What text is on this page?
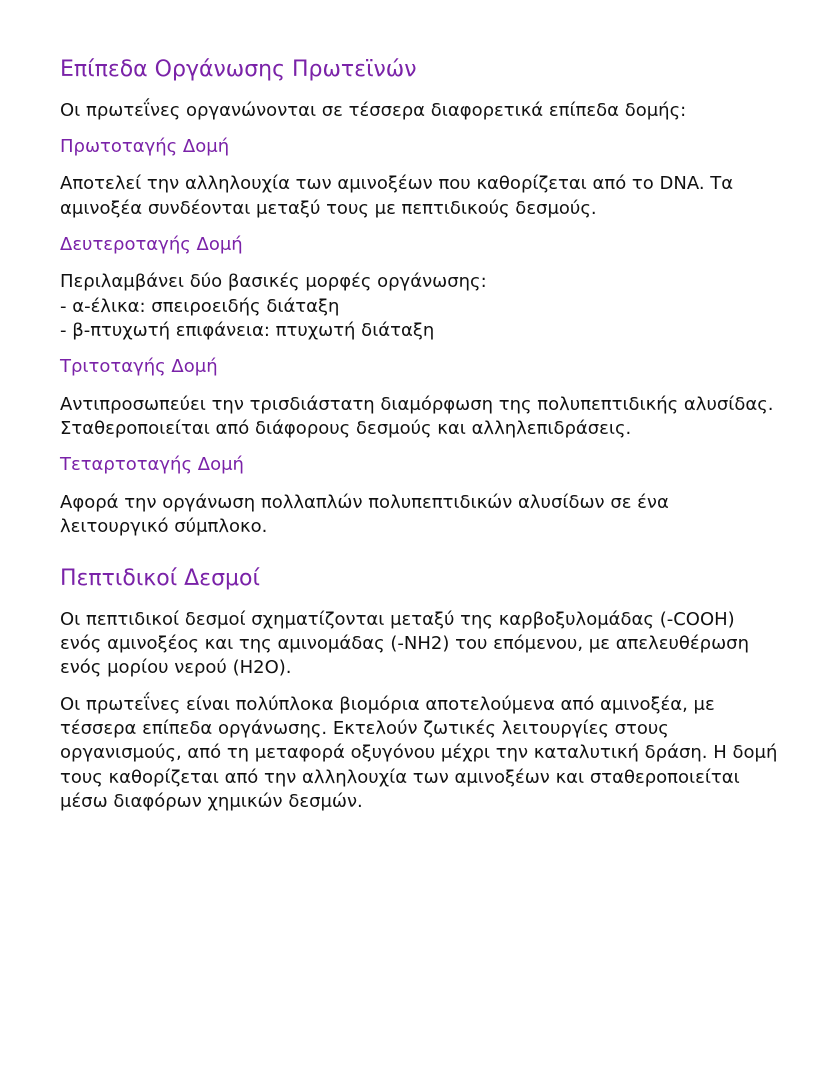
Επίπεδα Οργάνωσης Πρωτεϊνών

Οι πρωτεΐνες οργανώνονται σε τέσσερα διαφορετικά επίπεδα δομής:

Πρωτοταγής Δομή

Αποτελεί την αλληλουχία των αμινοξέων που καθορίζεται από το DNA. Τα αμινοξέα συνδέονται μεταξύ τους με πεπτιδικούς δεσμούς.

Δευτεροταγής Δομή

Περιλαμβάνει δύο βασικές μορφές οργάνωσης:
- α-έλικα: σπειροειδής διάταξη
- β-πτυχωτή επιφάνεια: πτυχωτή διάταξη

Τριτοταγής Δομή

Αντιπροσωπεύει την τρισδιάστατη διαμόρφωση της πολυπεπτιδικής αλυσίδας. Σταθεροποιείται από διάφορους δεσμούς και αλληλεπιδράσεις.

Τεταρτοταγής Δομή

Αφορά την οργάνωση πολλαπλών πολυπεπτιδικών αλυσίδων σε ένα λειτουργικό σύμπλοκο.

Πεπτιδικοί Δεσμοί

Οι πεπτιδικοί δεσμοί σχηματίζονται μεταξύ της καρβοξυλομάδας (-COOH) ενός αμινοξέος και της αμινομάδας (-NH2) του επόμενου, με απελευθέρωση ενός μορίου νερού (H2O).

Οι πρωτεΐνες είναι πολύπλοκα βιομόρια αποτελούμενα από αμινοξέα, με τέσσερα επίπεδα οργάνωσης. Εκτελούν ζωτικές λειτουργίες στους οργανισμούς, από τη μεταφορά οξυγόνου μέχρι την καταλυτική δράση. Η δομή τους καθορίζεται από την αλληλουχία των αμινοξέων και σταθεροποιείται μέσω διαφόρων χημικών δεσμών.
